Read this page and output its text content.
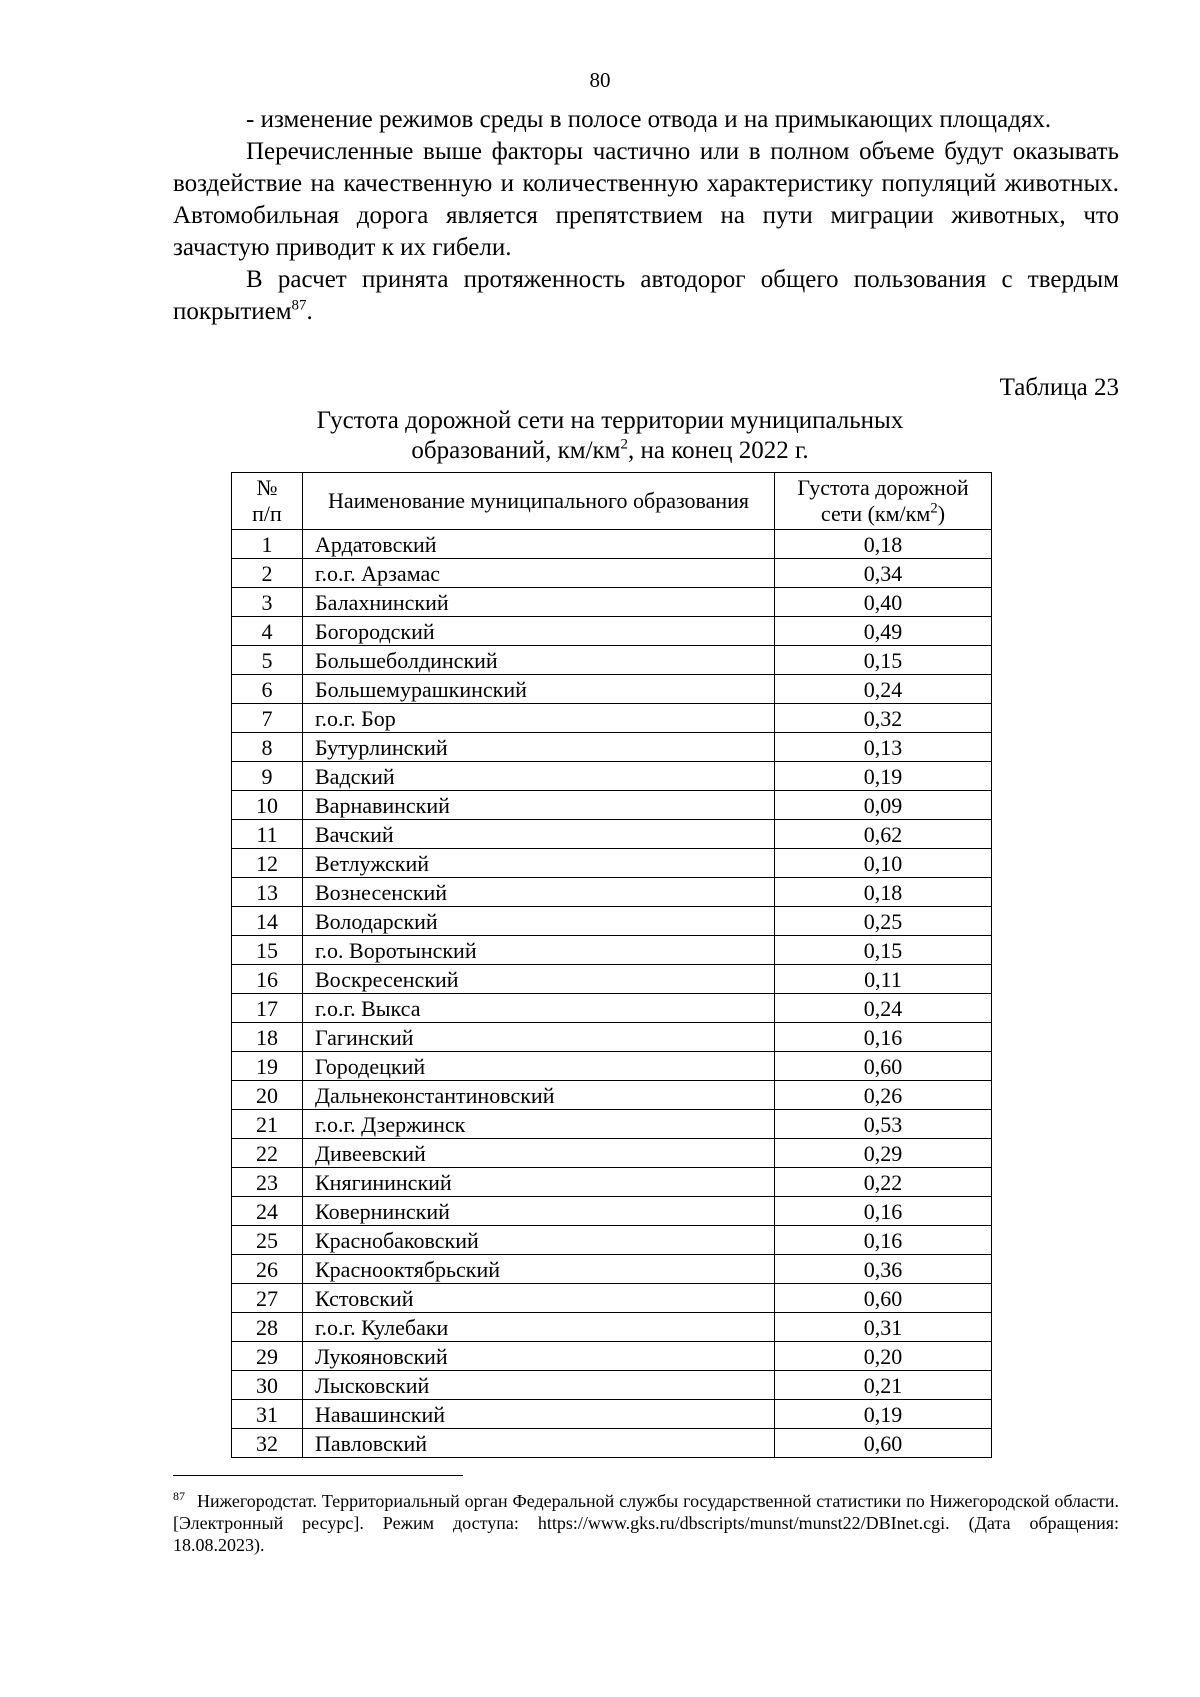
80

- изменение режимов среды в полосе отвода и на примыкающих площадях.

Перечисленные выше факторы частично или в полном объеме будут оказывать воздействие на качественную и количественную характеристику популяций животных. Автомобильная дорога является препятствием на пути миграции животных, что зачастую приводит к их гибели.

В расчет принята протяженность автодорог общего пользования с твердым покрытием$^{87}$.

Таблица 23
Густота дорожной сети на территории муниципальных
образований, $км/км^2$, на конец 2022 г.
№
п/п	Наименование муниципального образования	Густота дорожной сети $(км/км^2)$
1	Ардатовский	0,18
2	г.о.г. Арзамас	0,34
3	Балахнинский	0,40
4	Богородский	0,49
5	Большеболдинский	0,15
6	Большемурашкинский	0,24
7	г.о.г. Бор	0,32
8	Бутурлинский	0,13
9	Вадский	0,19
10	Варнавинский	0,09
11	Вачский	0,62
12	Ветлужский	0,10
13	Вознесенский	0,18
14	Володарский	0,25
15	г.о. Воротынский	0,15
16	Воскресенский	0,11
17	г.о.г. Выкса	0,24
18	Гагинский	0,16
19	Городецкий	0,60
20	Дальнеконстантиновский	0,26
21	г.о.г. Дзержинск	0,53
22	Дивеевский	0,29
23	Княгининский	0,22
24	Ковернинский	0,16
25	Краснобаковский	0,16
26	Краснооктябрьский	0,36
27	Кстовский	0,60
28	г.о.г. Кулебаки	0,31
29	Лукояновский	0,20
30	Лысковский	0,21
31	Навашинский	0,19
32	Павловский	0,60
$^{87}$ Нижегородстат. Территориальный орган Федеральной службы государственной статистики по Нижегородской области. [Электронный ресурс]. Режим доступа: https://www.gks.ru/dbscripts/munst/munst22/DBInet.cgi. (Дата обращения: 18.08.2023).
